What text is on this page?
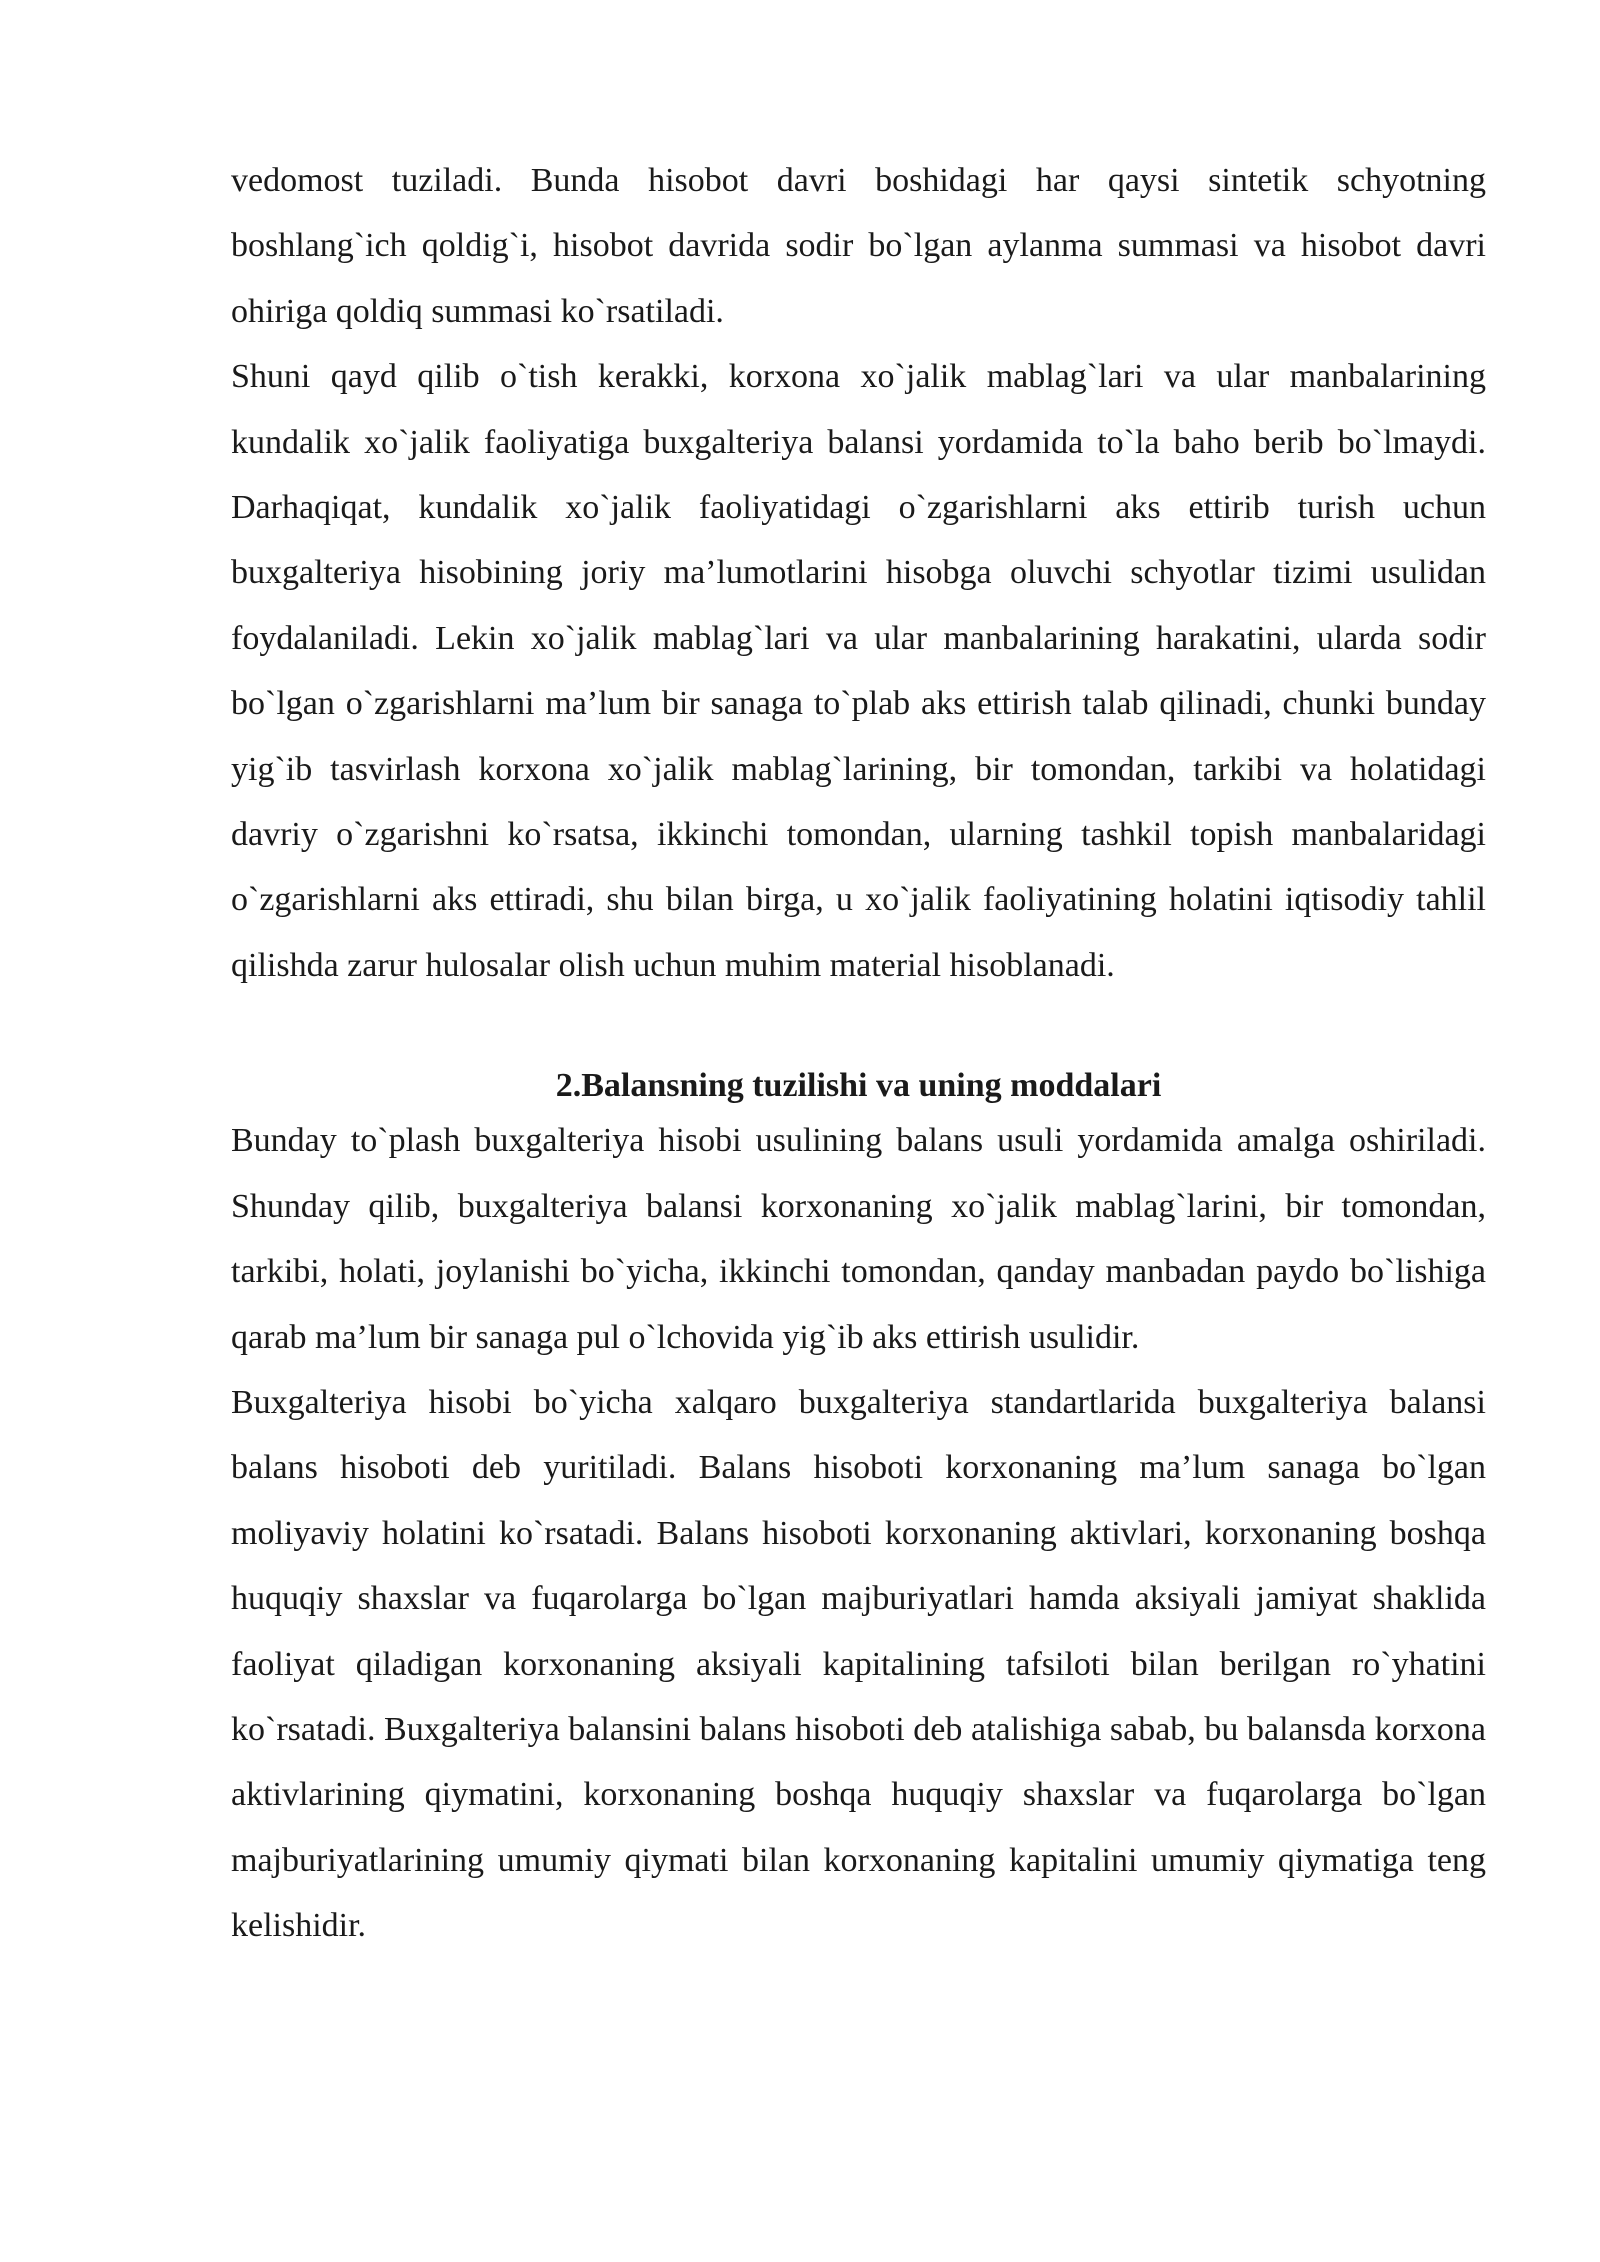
vedomost tuziladi. Bunda hisobot davri boshidagi har qaysi sintetik schyotning boshlang`ich qoldig`i, hisobot davrida sodir bo`lgan aylanma summasi va hisobot davri ohiriga qoldiq summasi ko`rsatiladi.

Shuni qayd qilib o`tish kerakki, korxona xo`jalik mablag`lari va ular manbalarining kundalik xo`jalik faoliyatiga buxgalteriya balansi yordamida to`la baho berib bo`lmaydi. Darhaqiqat, kundalik xo`jalik faoliyatidagi o`zgarishlarni aks ettirib turish uchun buxgalteriya hisobining joriy ma’lumotlarini hisobga oluvchi schyotlar tizimi usulidan foydalaniladi. Lekin xo`jalik mablag`lari va ular manbalarining harakatini, ularda sodir bo`lgan o`zgarishlarni ma’lum bir sanaga to`plab aks ettirish talab qilinadi, chunki bunday yig`ib tasvirlash korxona xo`jalik mablag`larining, bir tomondan, tarkibi va holatidagi davriy o`zgarishni ko`rsatsa, ikkinchi tomondan, ularning tashkil topish manbalaridagi o`zgarishlarni aks ettiradi, shu bilan birga, u xo`jalik faoliyatining holatini iqtisodiy tahlil qilishda zarur hulosalar olish uchun muhim material hisoblanadi.

2.Balansning tuzilishi va uning moddalari

Bunday to`plash buxgalteriya hisobi usulining balans usuli yordamida amalga oshiriladi. Shunday qilib, buxgalteriya balansi korxonaning xo`jalik mablag`larini, bir tomondan, tarkibi, holati, joylanishi bo`yicha, ikkinchi tomondan, qanday manbadan paydo bo`lishiga qarab ma’lum bir sanaga pul o`lchovida yig`ib aks ettirish usulidir.

Buxgalteriya hisobi bo`yicha xalqaro buxgalteriya standartlarida buxgalteriya balansi balans hisoboti deb yuritiladi. Balans hisoboti korxonaning ma’lum sanaga bo`lgan moliyaviy holatini ko`rsatadi. Balans hisoboti korxonaning aktivlari, korxonaning boshqa huquqiy shaxslar va fuqarolarga bo`lgan majburiyatlari hamda aksiyali jamiyat shaklida faoliyat qiladigan korxonaning aksiyali kapitalining tafsiloti bilan berilgan ro`yhatini ko`rsatadi. Buxgalteriya balansini balans hisoboti deb atalishiga sabab, bu balansda korxona aktivlarining qiymatini, korxonaning boshqa huquqiy shaxslar va fuqarolarga bo`lgan majburiyatlarining umumiy qiymati bilan korxonaning kapitalini umumiy qiymatiga teng kelishidir.
